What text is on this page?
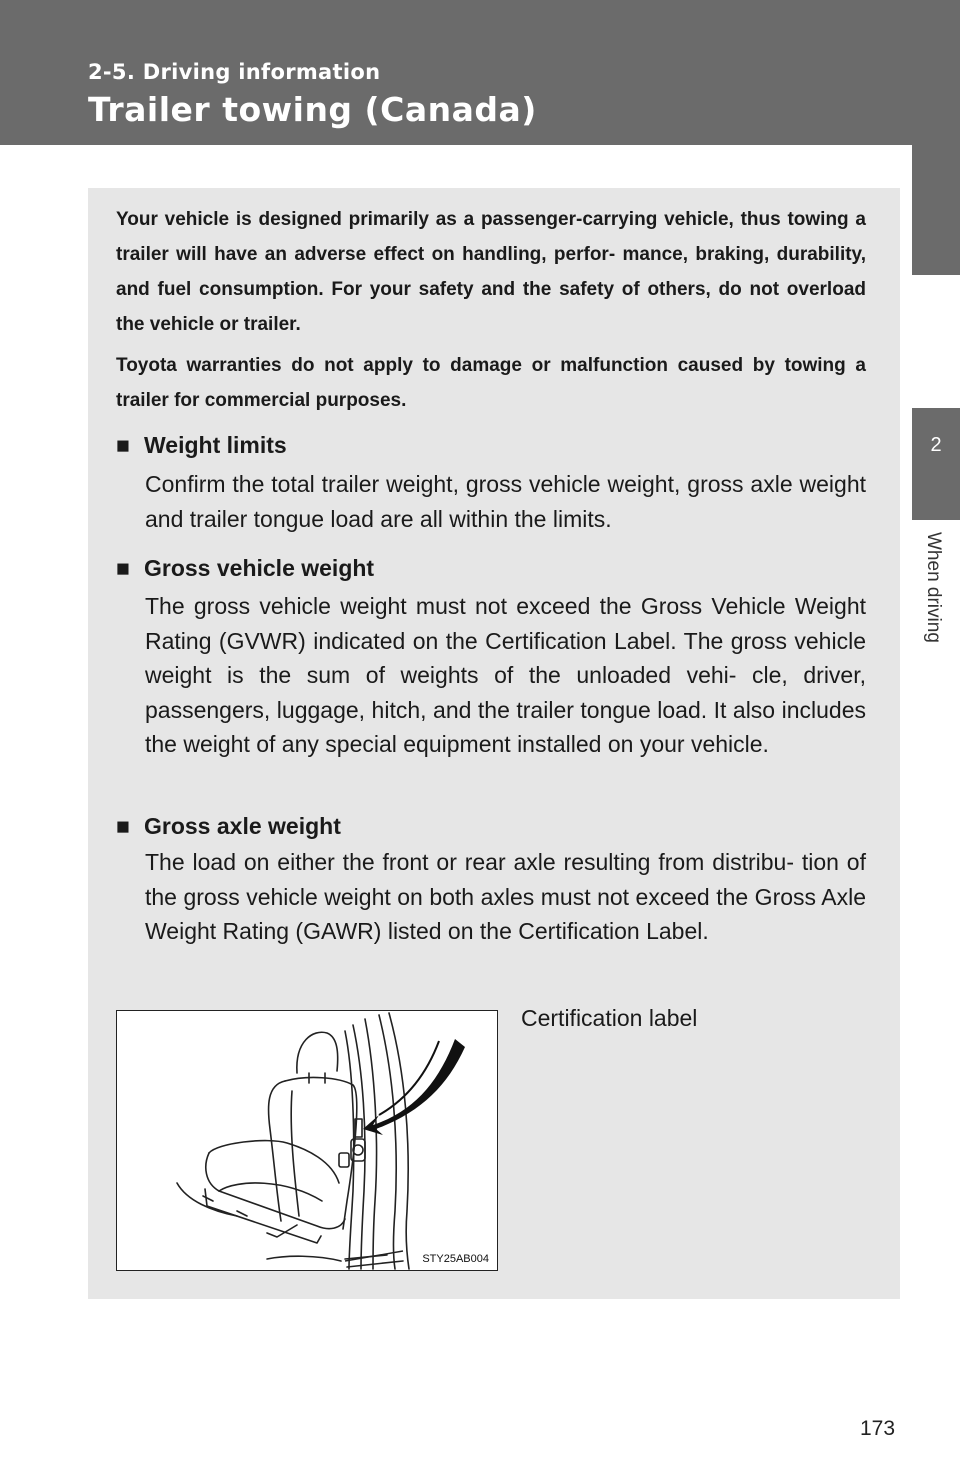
2-5. Driving information
Trailer towing (Canada)
2
When driving

Your vehicle is designed primarily as a passenger-carrying vehicle, thus towing a trailer will have an adverse effect on handling, perfor- mance, braking, durability, and fuel consumption. For your safety and the safety of others, do not overload the vehicle or trailer.

Toyota warranties do not apply to damage or malfunction caused by towing a trailer for commercial purposes.

■ Weight limits

Confirm the total trailer weight, gross vehicle weight, gross axle weight and trailer tongue load are all within the limits.

■ Gross vehicle weight

The gross vehicle weight must not exceed the Gross Vehicle Weight Rating (GVWR) indicated on the Certification Label. The gross vehicle weight is the sum of weights of the unloaded vehi- cle, driver, passengers, luggage, hitch, and the trailer tongue load. It also includes the weight of any special equipment installed on your vehicle.

■ Gross axle weight

The load on either the front or rear axle resulting from distribu- tion of the gross vehicle weight on both axles must not exceed the Gross Axle Weight Rating (GAWR) listed on the Certification Label.

STY25AB004
Certification label
173
